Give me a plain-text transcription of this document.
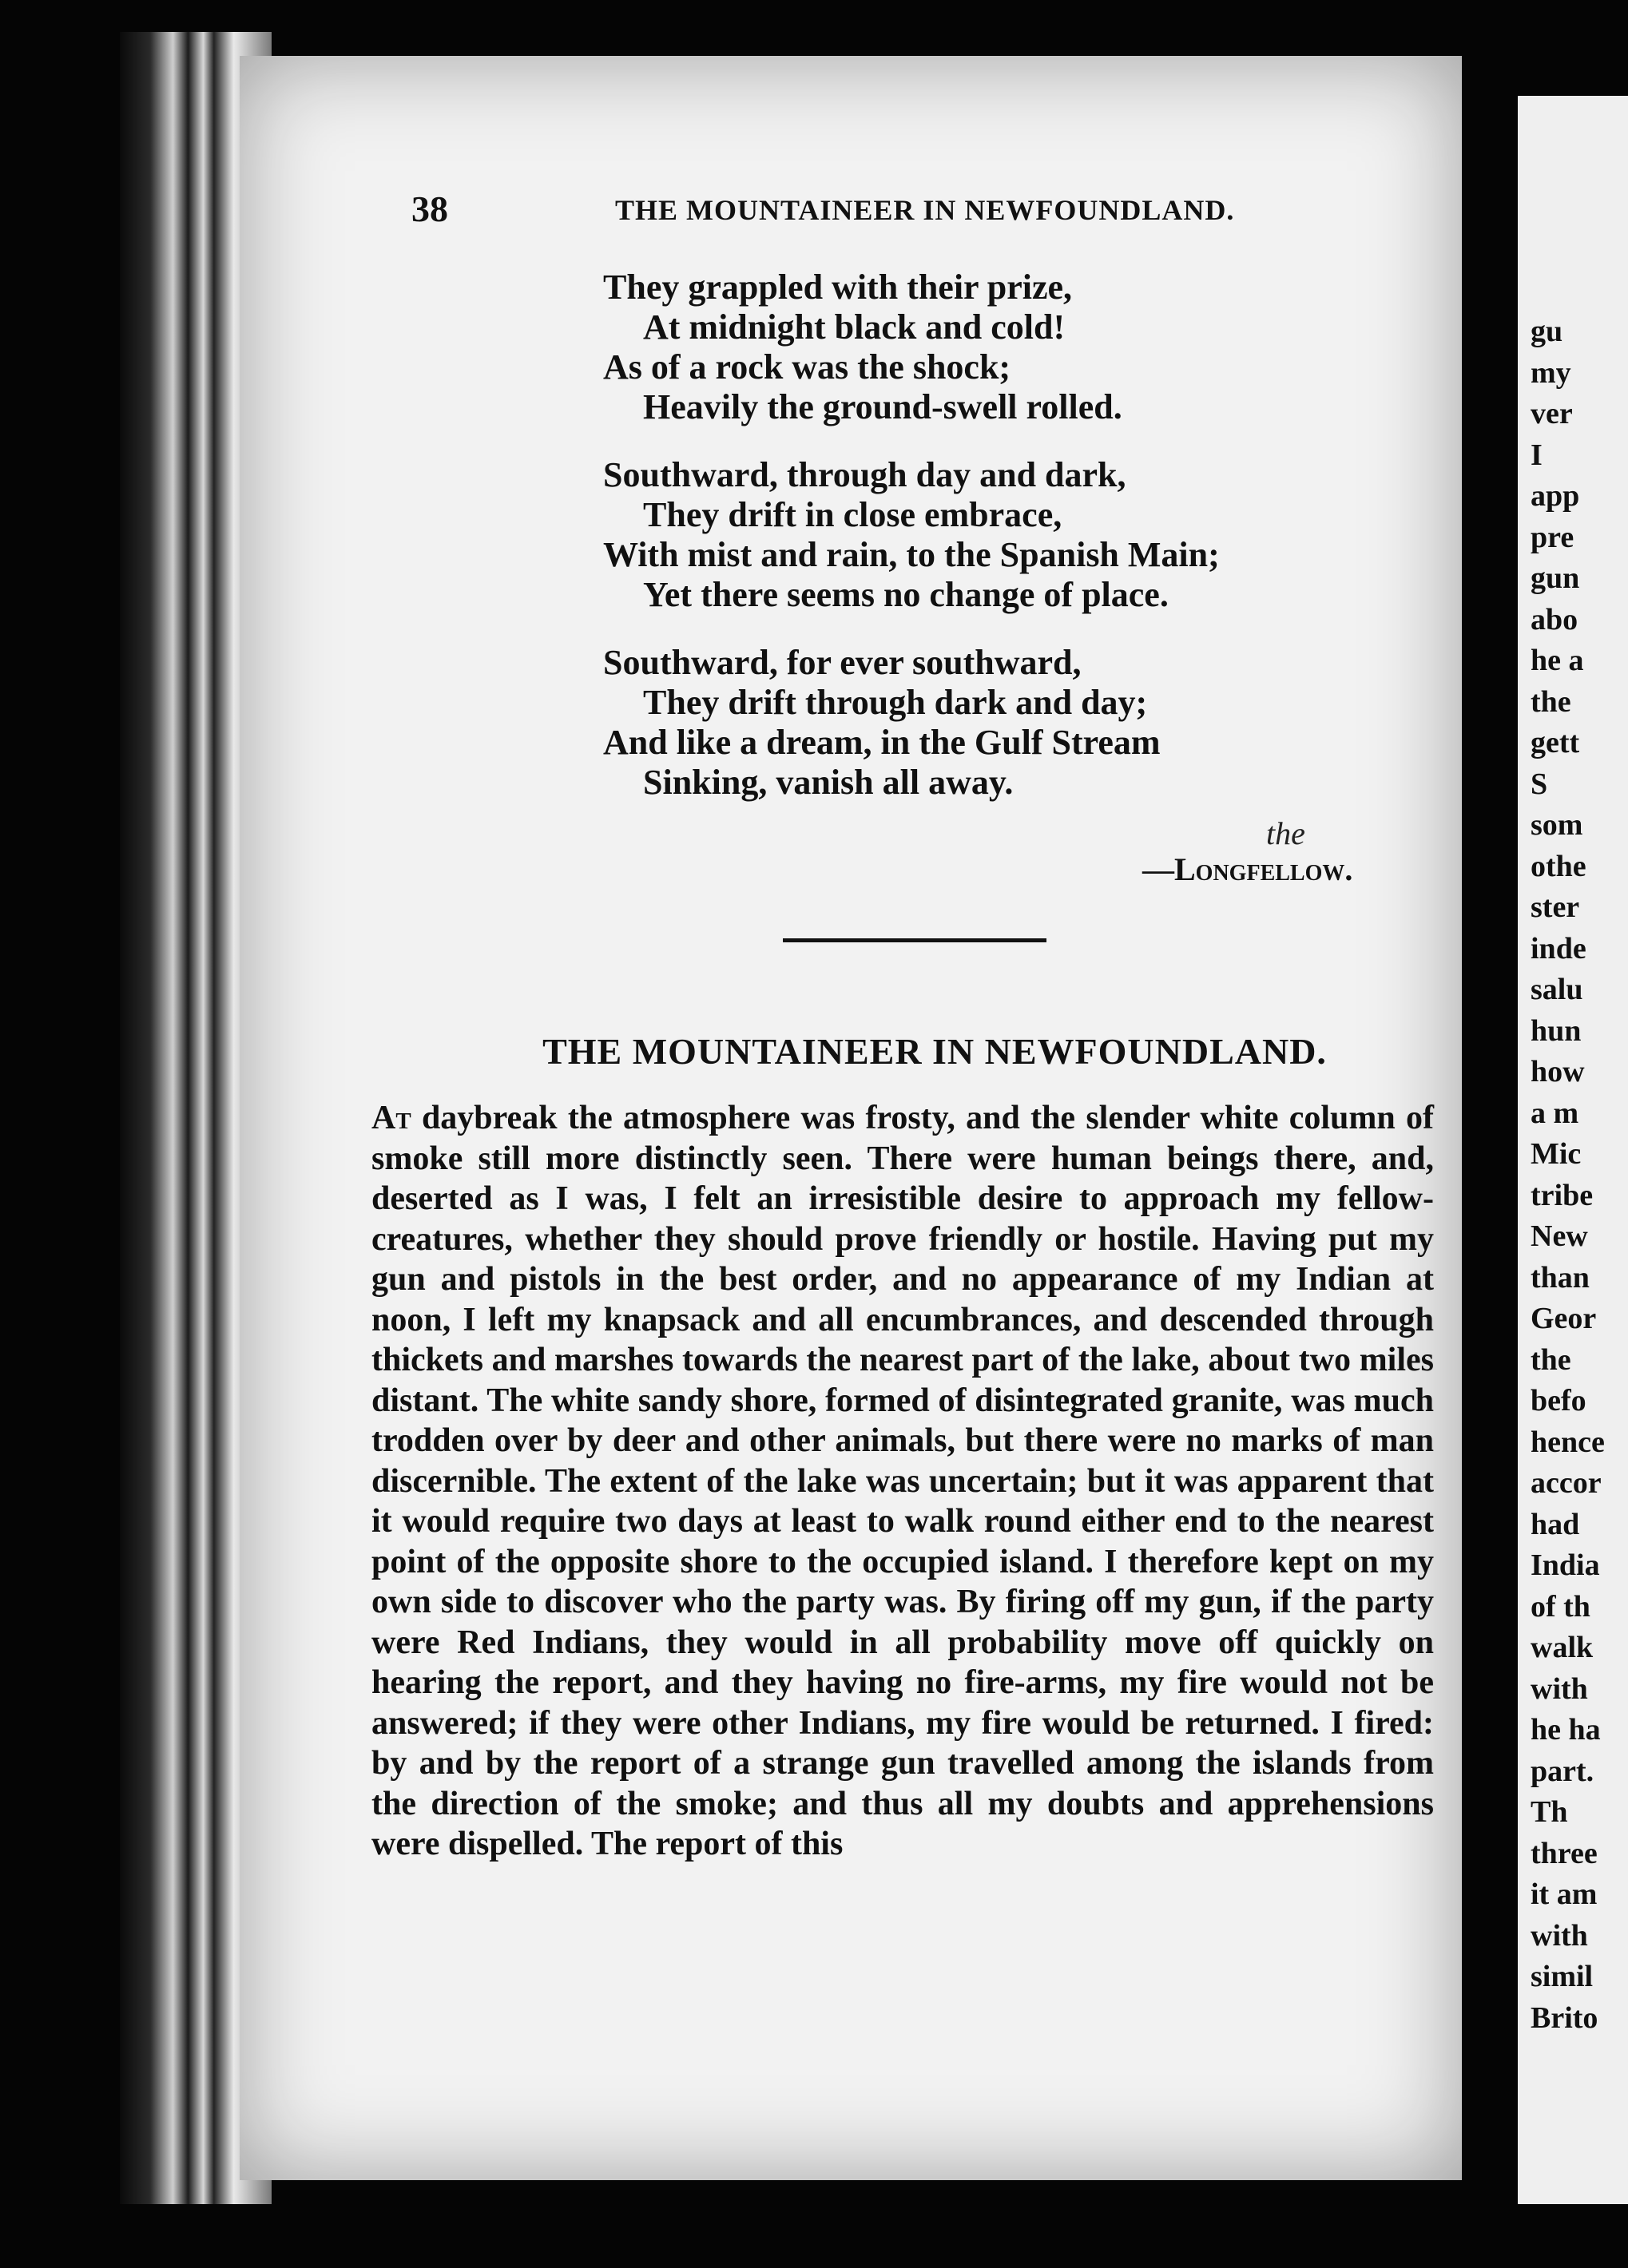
gu
my
ver
I
app
pre
gun
abo
he a
the
gett
S
som
othe
ster
inde
salu
hun
how
a m
Mic
tribe
New
than
Geor
the
befo
hence
accor
had
India
of th
walk
with
he ha
part.
Th
three
it am
with
simil
Brito
38	THE MOUNTAINEER IN NEWFOUNDLAND.
They grappled with their prize,
At midnight black and cold!
As of a rock was the shock;
Heavily the ground-swell rolled.
Southward, through day and dark,
They drift in close embrace,
With mist and rain, to the Spanish Main;
Yet there seems no change of place.
Southward, for ever southward,
They drift through dark and day;
And like a dream, in the Gulf Stream
Sinking, vanish all away.
the
—Longfellow.
THE MOUNTAINEER IN NEWFOUNDLAND.
At daybreak the atmosphere was frosty, and the slender white column of smoke still more distinctly seen. There were human beings there, and, deserted as I was, I felt an irresistible desire to approach my fellow-creatures, whether they should prove friendly or hostile. Having put my gun and pistols in the best order, and no appearance of my Indian at noon, I left my knapsack and all encumbrances, and descended through thickets and marshes towards the nearest part of the lake, about two miles distant. The white sandy shore, formed of disintegrated granite, was much trodden over by deer and other animals, but there were no marks of man discernible. The extent of the lake was uncertain; but it was apparent that it would require two days at least to walk round either end to the nearest point of the opposite shore to the occupied island. I therefore kept on my own side to discover who the party was. By firing off my gun, if the party were Red Indians, they would in all probability move off quickly on hearing the report, and they having no fire-arms, my fire would not be answered; if they were other Indians, my fire would be returned. I fired: by and by the report of a strange gun travelled among the islands from the direction of the smoke; and thus all my doubts and apprehensions were dispelled. The report of this
